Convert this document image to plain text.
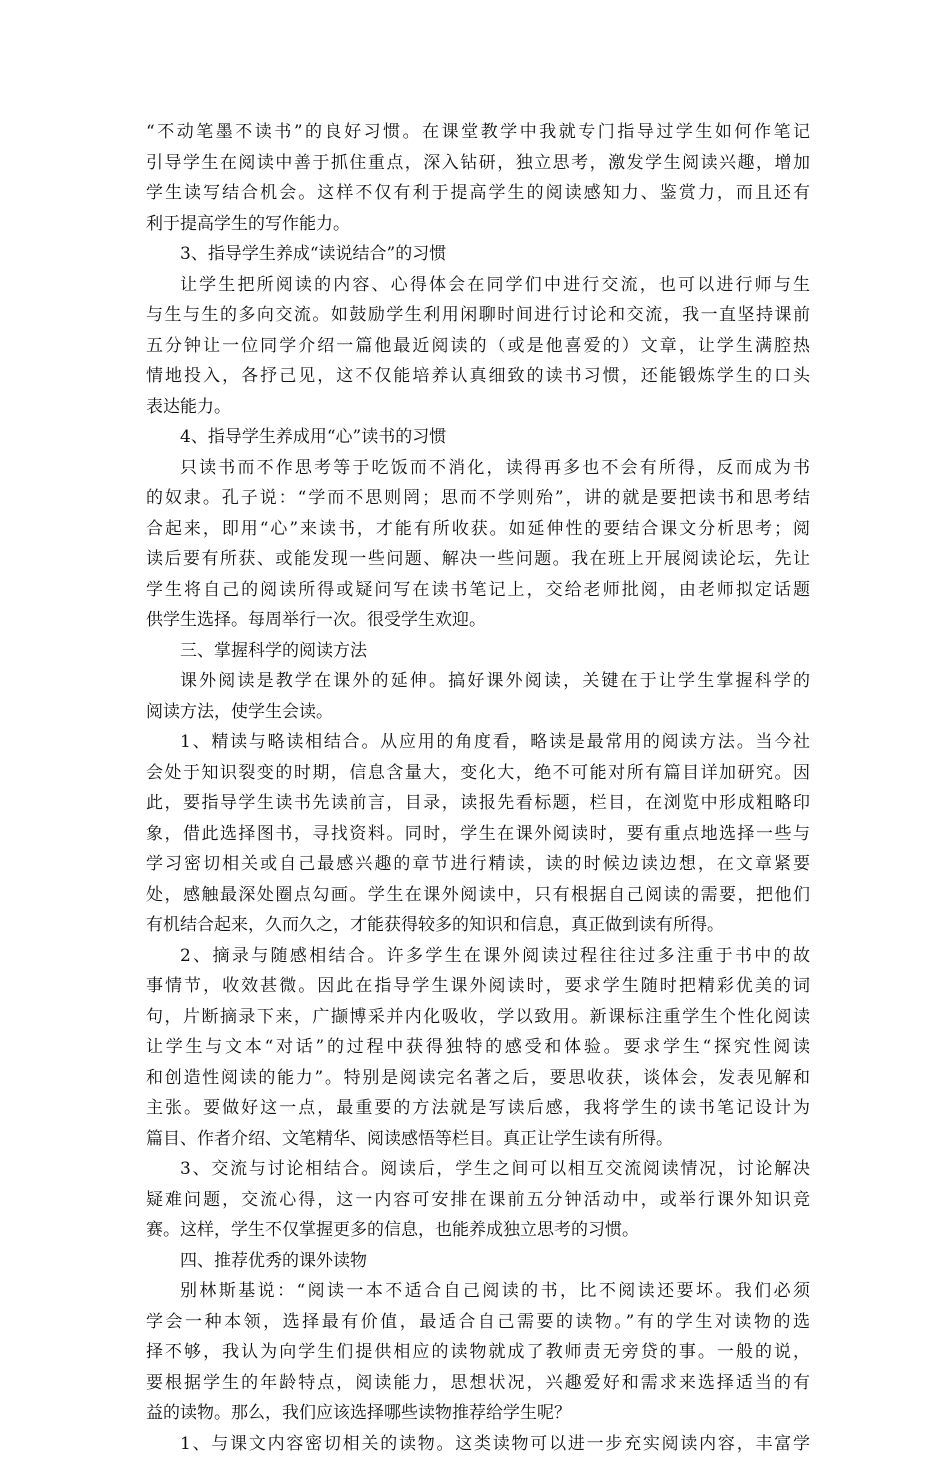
“不动笔墨不读书”的良好习惯。在课堂教学中我就专门指导过学生如何作笔记
引导学生在阅读中善于抓住重点，深入钻研，独立思考，激发学生阅读兴趣，增加
学生读写结合机会。这样不仅有利于提高学生的阅读感知力、鉴赏力，而且还有
利于提高学生的写作能力。
3、指导学生养成“读说结合”的习惯
让学生把所阅读的内容、心得体会在同学们中进行交流，也可以进行师与生
与生与生的多向交流。如鼓励学生利用闲聊时间进行讨论和交流，我一直坚持课前
五分钟让一位同学介绍一篇他最近阅读的（或是他喜爱的）文章，让学生满腔热
情地投入，各抒己见，这不仅能培养认真细致的读书习惯，还能锻炼学生的口头
表达能力。
4、指导学生养成用“心”读书的习惯
只读书而不作思考等于吃饭而不消化，读得再多也不会有所得，反而成为书
的奴隶。孔子说：“学而不思则罔；思而不学则殆”，讲的就是要把读书和思考结
合起来，即用“心”来读书，才能有所收获。如延伸性的要结合课文分析思考；阅
读后要有所获、或能发现一些问题、解决一些问题。我在班上开展阅读论坛，先让
学生将自己的阅读所得或疑问写在读书笔记上，交给老师批阅，由老师拟定话题
供学生选择。每周举行一次。很受学生欢迎。
三、掌握科学的阅读方法
课外阅读是教学在课外的延伸。搞好课外阅读，关键在于让学生掌握科学的
阅读方法，使学生会读。
1、精读与略读相结合。从应用的角度看，略读是最常用的阅读方法。当今社
会处于知识裂变的时期，信息含量大，变化大，绝不可能对所有篇目详加研究。因
此，要指导学生读书先读前言，目录，读报先看标题，栏目，在浏览中形成粗略印
象，借此选择图书，寻找资料。同时，学生在课外阅读时，要有重点地选择一些与
学习密切相关或自己最感兴趣的章节进行精读，读的时候边读边想，在文章紧要
处，感触最深处圈点勾画。学生在课外阅读中，只有根据自己阅读的需要，把他们
有机结合起来，久而久之，才能获得较多的知识和信息，真正做到读有所得。
2、摘录与随感相结合。许多学生在课外阅读过程往往过多注重于书中的故
事情节，收效甚微。因此在指导学生课外阅读时，要求学生随时把精彩优美的词
句，片断摘录下来，广撷博采并内化吸收，学以致用。新课标注重学生个性化阅读
让学生与文本“对话”的过程中获得独特的感受和体验。要求学生“探究性阅读
和创造性阅读的能力”。特别是阅读完名著之后，要思收获，谈体会，发表见解和
主张。要做好这一点，最重要的方法就是写读后感，我将学生的读书笔记设计为
篇目、作者介绍、文笔精华、阅读感悟等栏目。真正让学生读有所得。
3、交流与讨论相结合。阅读后，学生之间可以相互交流阅读情况，讨论解决
疑难问题，交流心得，这一内容可安排在课前五分钟活动中，或举行课外知识竞
赛。这样，学生不仅掌握更多的信息，也能养成独立思考的习惯。
四、推荐优秀的课外读物
别林斯基说：“阅读一本不适合自己阅读的书，比不阅读还要坏。我们必须
学会一种本领，选择最有价值，最适合自己需要的读物。”有的学生对读物的选
择不够，我认为向学生们提供相应的读物就成了教师责无旁贷的事。一般的说，
要根据学生的年龄特点，阅读能力，思想状况，兴趣爱好和需求来选择适当的有
益的读物。那么，我们应该选择哪些读物推荐给学生呢？
1、与课文内容密切相关的读物。这类读物可以进一步充实阅读内容，丰富学
